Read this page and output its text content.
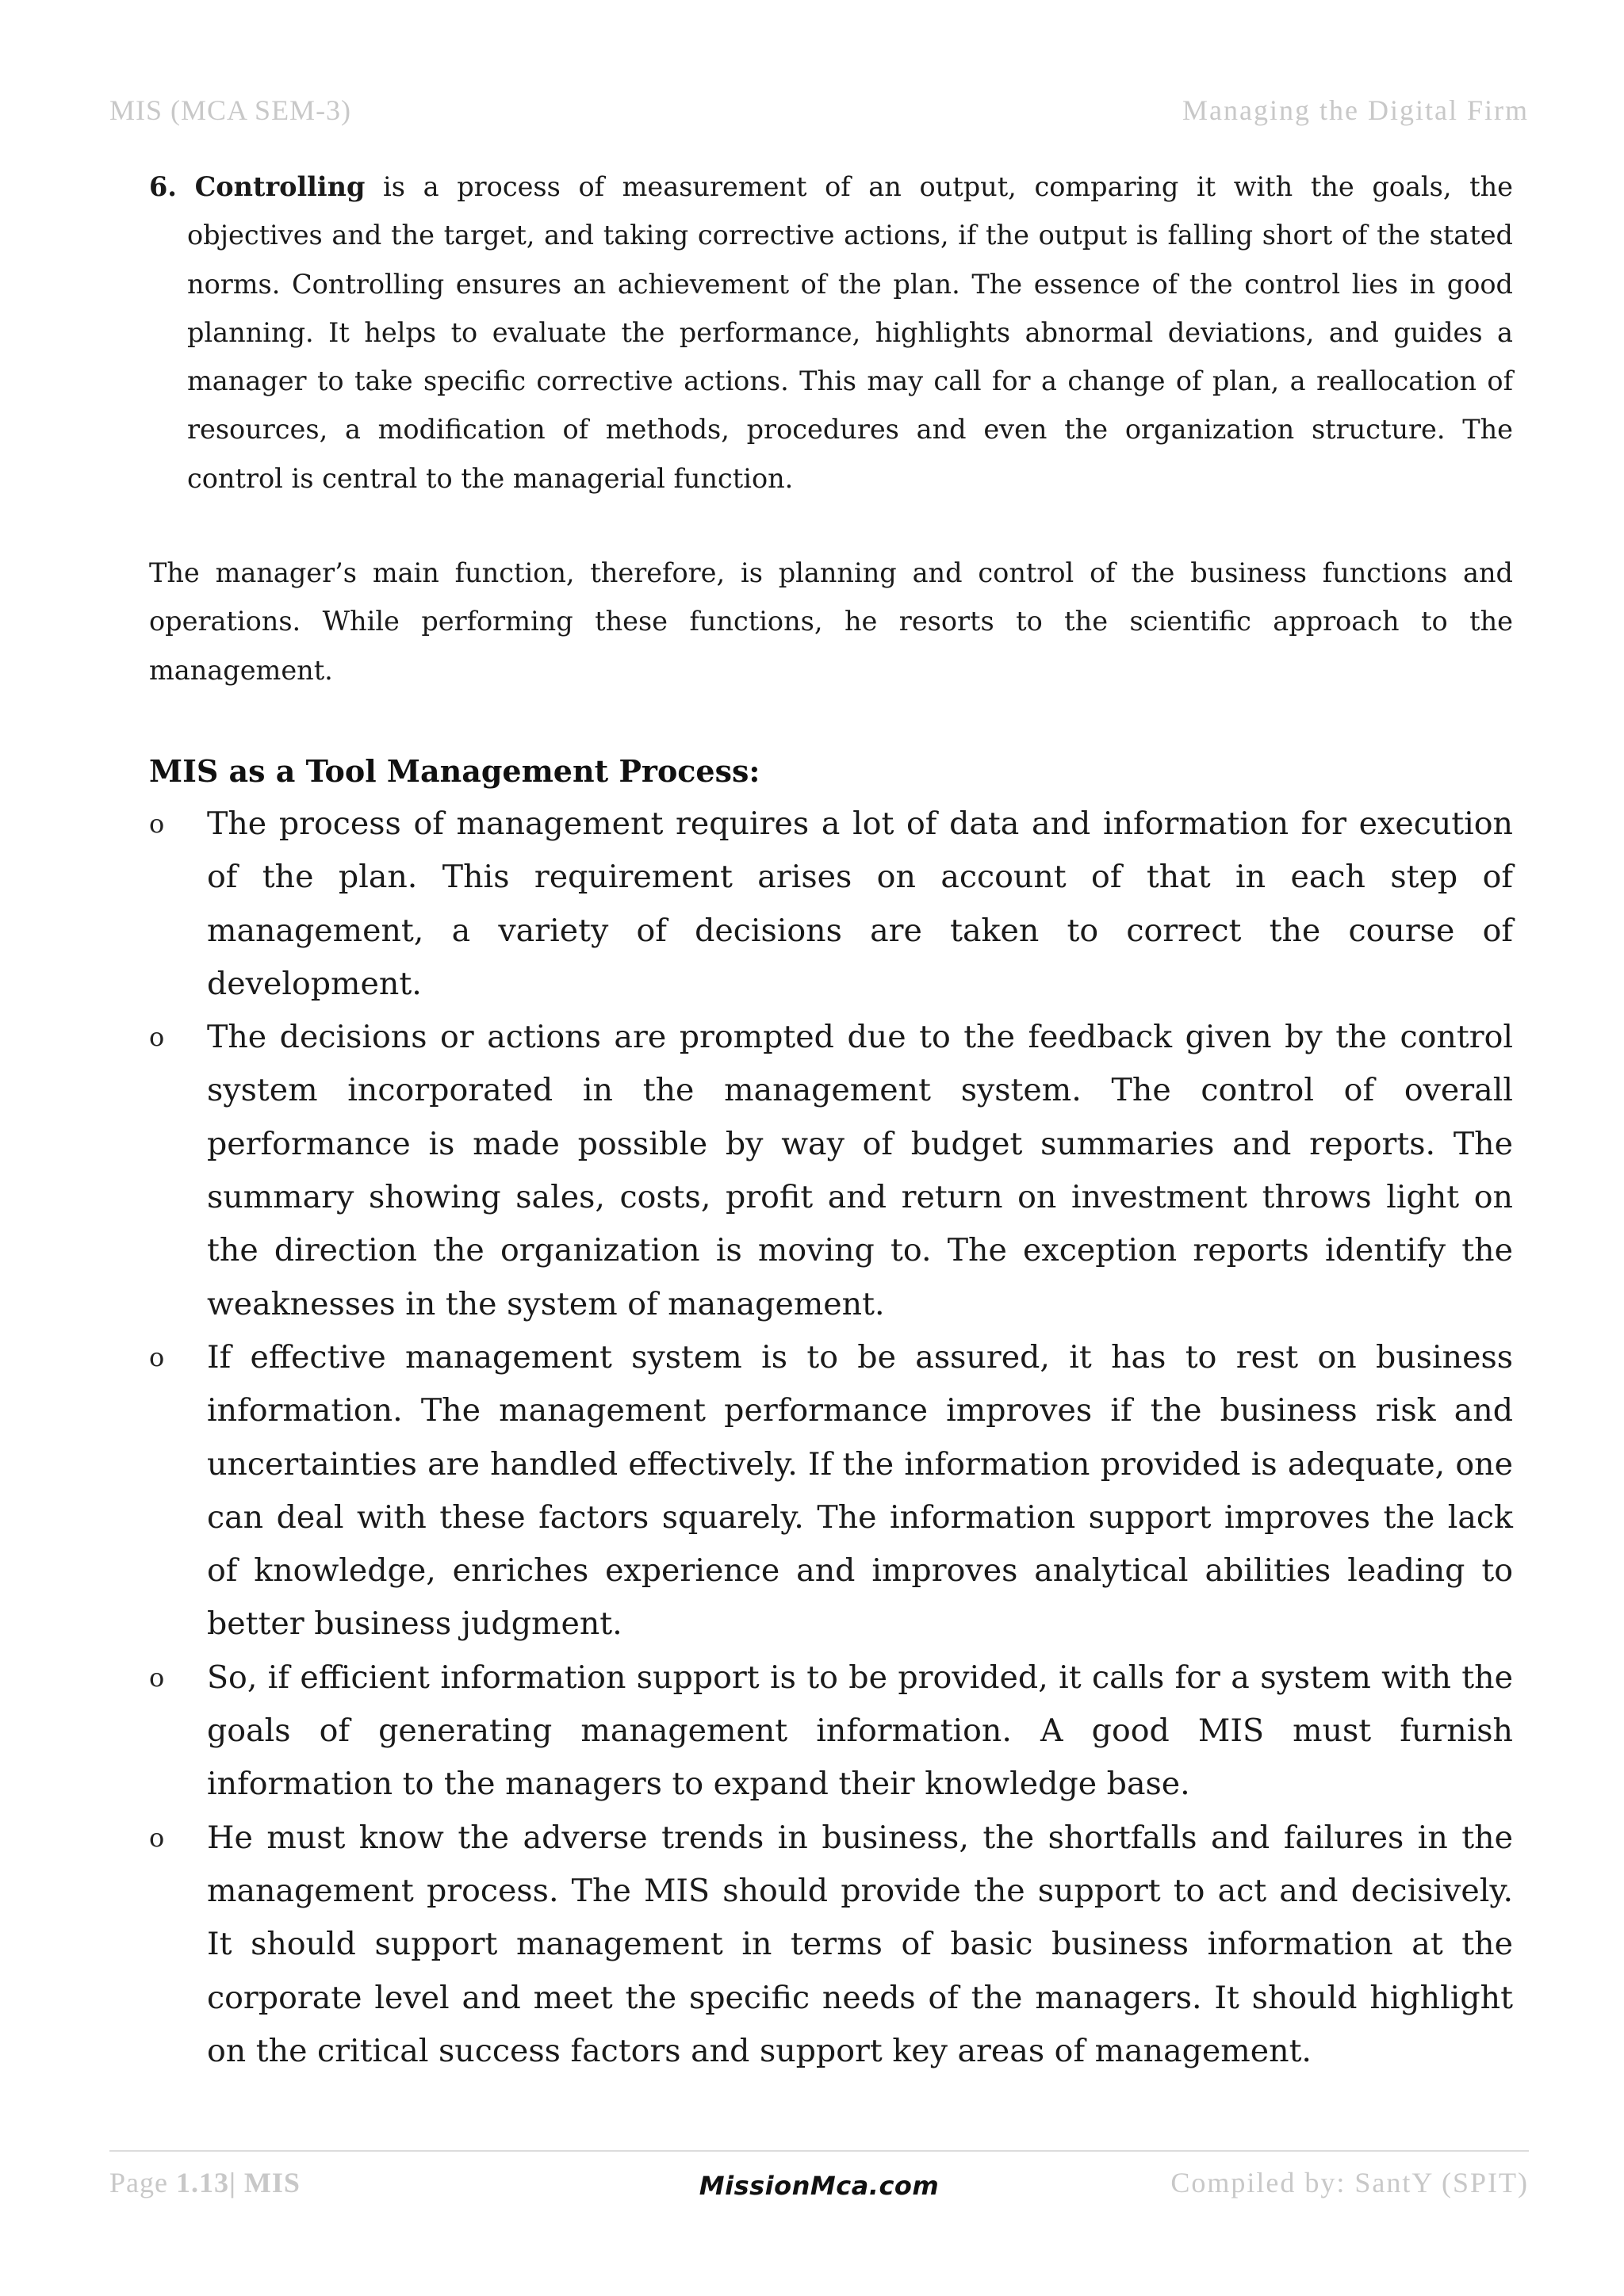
MIS (MCA SEM-3)	Managing the Digital Firm

6. Controlling is a process of measurement of an output, comparing it with the goals, the objectives and the target, and taking corrective actions, if the output is falling short of the stated norms. Controlling ensures an achievement of the plan. The essence of the control lies in good planning. It helps to evaluate the performance, highlights abnormal deviations, and guides a manager to take specific corrective actions. This may call for a change of plan, a reallocation of resources, a modification of methods, procedures and even the organization structure. The control is central to the managerial function.

The manager’s main function, therefore, is planning and control of the business functions and operations. While performing these functions, he resorts to the scientific approach to the management.

MIS as a Tool Management Process:
o The process of management requires a lot of data and information for execution of the plan. This requirement arises on account of that in each step of management, a variety of decisions are taken to correct the course of development.
o The decisions or actions are prompted due to the feedback given by the control system incorporated in the management system. The control of overall performance is made possible by way of budget summaries and reports. The summary showing sales, costs, profit and return on investment throws light on the direction the organization is moving to. The exception reports identify the weaknesses in the system of management.
o If effective management system is to be assured, it has to rest on business information. The management performance improves if the business risk and uncertainties are handled effectively. If the information provided is adequate, one can deal with these factors squarely. The information support improves the lack of knowledge, enriches experience and improves analytical abilities leading to better business judgment.
o So, if efficient information support is to be provided, it calls for a system with the goals of generating management information. A good MIS must furnish information to the managers to expand their knowledge base.
o He must know the adverse trends in business, the shortfalls and failures in the management process. The MIS should provide the support to act and decisively. It should support management in terms of basic business information at the corporate level and meet the specific needs of the managers. It should highlight on the critical success factors and support key areas of management.
Page 1.13| MIS	MissionMca.com	Compiled by: SantY (SPIT)
